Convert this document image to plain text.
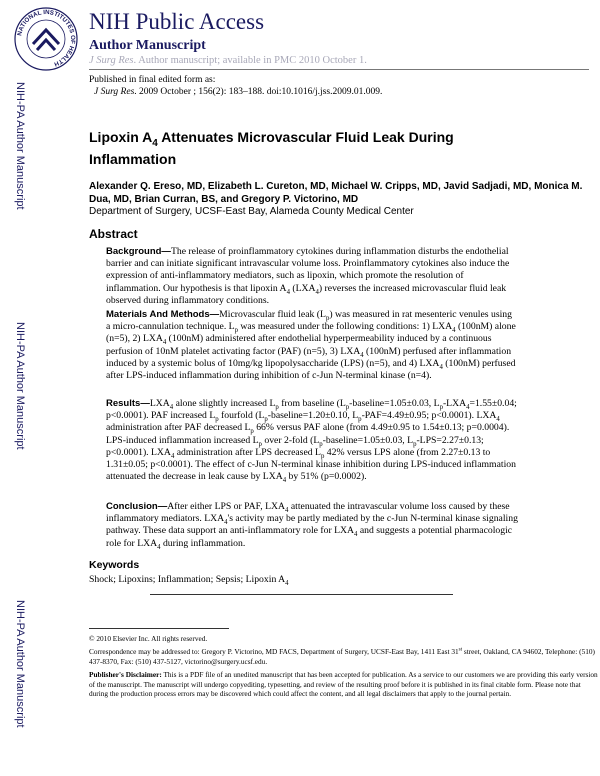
NATIONAL INSTITUTES OF HEALTH
NIH Public Access
Author Manuscript
J Surg Res. Author manuscript; available in PMC 2010 October 1.
NIH-PA Author Manuscript
NIH-PA Author Manuscript
NIH-PA Author Manuscript
Published in final edited form as:
J Surg Res. 2009 October ; 156(2): 183–188. doi:10.1016/j.jss.2009.01.009.
Lipoxin $A_4$ Attenuates Microvascular Fluid Leak During Inflammation
Alexander Q. Ereso, MD, Elizabeth L. Cureton, MD, Michael W. Cripps, MD, Javid Sadjadi, MD, Monica M. Dua, MD, Brian Curran, BS, and Gregory P. Victorino, MD
Department of Surgery, UCSF-East Bay, Alameda County Medical Center
Abstract
Background—The release of proinflammatory cytokines during inflammation disturbs the endothelial barrier and can initiate significant intravascular volume loss. Proinflammatory cytokines also induce the expression of anti-inflammatory mediators, such as lipoxin, which promote the resolution of inflammation. Our hypothesis is that lipoxin $A_4$ $(LXA_4)$ reverses the increased microvascular fluid leak observed during inflammatory conditions.
Materials And Methods—Microvascular fluid leak $(L_p)$ was measured in rat mesenteric venules using a micro-cannulation technique. $L_p$ was measured under the following conditions: 1) $LXA_4$ (100nM) alone (n=5), 2) $LXA_4$ (100nM) administered after endothelial hyperpermeability induced by a continuous perfusion of 10nM platelet activating factor (PAF) (n=5), 3) $LXA_4$ (100nM) perfused after inflammation induced by a systemic bolus of 10mg/kg lipopolysaccharide (LPS) (n=5), and 4) $LXA_4$ (100nM) perfused after LPS-induced inflammation during inhibition of c-Jun N-terminal kinase (n=4).
$Results—LXA_4$ alone slightly increased $L_p$ from baseline ($L_p-baseline=1.05\pm 0.03$, $L_p-LXA_4=1.55\pm 0.04$; p<0.0001). PAF increased $L_p$ fourfold ($L_p-baseline=1.20\pm 0.10$, $L_p-PAF=4.49\pm 0.95$; p<0.0001). $LXA_4$ administration after PAF decreased $L_p$ 66% versus PAF alone (from 4.49±0.95 to 1.54±0.13; p=0.0004). LPS-induced inflammation increased $L_p$ over 2-fold ($L_p-baseline=1.05\pm 0.03$, $L_p-LPS=2.27\pm 0.13$; p<0.0001). $LXA_4$ administration after LPS decreased $L_p$ 42% versus LPS alone (from 2.27±0.13 to 1.31±0.05; p<0.0001). The effect of c-Jun N-terminal kinase inhibition during LPS-induced inflammation attenuated the decrease in leak cause by $LXA_4$ by 51% (p=0.0002).
Conclusion—After either LPS or PAF, $LXA_4$ attenuated the intravascular volume loss caused by these inflammatory mediators. $LXA_4's$ activity may be partly mediated by the c-Jun N-terminal kinase signaling pathway. These data support an anti-inflammatory role for $LXA_4$ and suggests a potential pharmacologic role for $LXA_4$ during inflammation.
Keywords
Shock; Lipoxins; Inflammation; Sepsis; Lipoxin $A_4$

© 2010 Elsevier Inc. All rights reserved.

Correspondence may be addressed to: Gregory P. Victorino, MD FACS, Department of Surgery, UCSF-East Bay, 1411 East 31st street, Oakland, CA 94602, Telephone: (510) 437-8370, Fax: (510) 437-5127, victorino@surgery.ucsf.edu.

Publisher's Disclaimer: This is a PDF file of an unedited manuscript that has been accepted for publication. As a service to our customers we are providing this early version of the manuscript. The manuscript will undergo copyediting, typesetting, and review of the resulting proof before it is published in its final citable form. Please note that during the production process errors may be discovered which could affect the content, and all legal disclaimers that apply to the journal pertain.
